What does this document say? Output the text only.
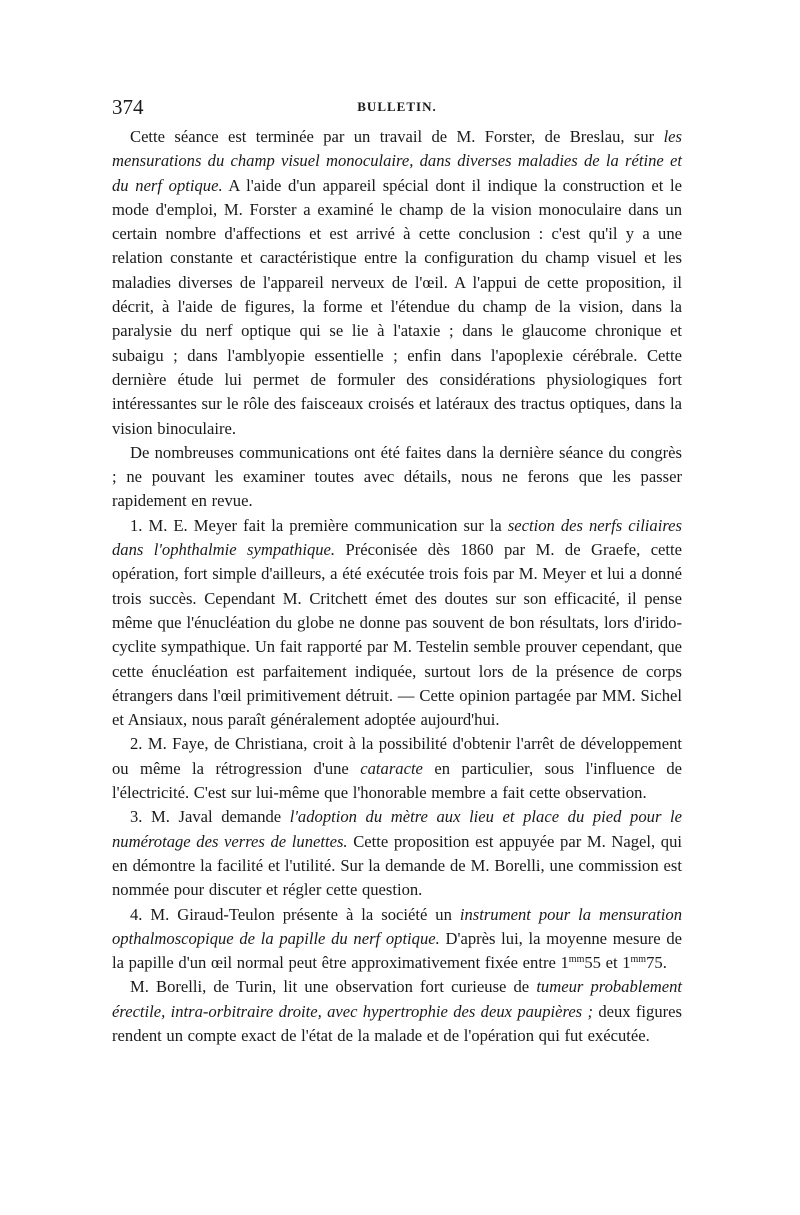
374	BULLETIN.

Cette séance est terminée par un travail de M. Forster, de Breslau, sur les mensurations du champ visuel monoculaire, dans diverses maladies de la rétine et du nerf optique. A l'aide d'un appareil spécial dont il indique la construction et le mode d'emploi, M. Forster a examiné le champ de la vision monoculaire dans un certain nombre d'affections et est arrivé à cette conclusion : c'est qu'il y a une relation constante et caractéristique entre la configuration du champ visuel et les maladies diverses de l'appareil nerveux de l'œil. A l'appui de cette proposition, il décrit, à l'aide de figures, la forme et l'étendue du champ de la vision, dans la paralysie du nerf optique qui se lie à l'ataxie ; dans le glaucome chronique et subaigu ; dans l'amblyopie essentielle ; enfin dans l'apoplexie cérébrale. Cette dernière étude lui permet de formuler des considérations physiologiques fort intéressantes sur le rôle des faisceaux croisés et latéraux des tractus optiques, dans la vision binoculaire.

De nombreuses communications ont été faites dans la dernière séance du congrès ; ne pouvant les examiner toutes avec détails, nous ne ferons que les passer rapidement en revue.

1. M. E. Meyer fait la première communication sur la section des nerfs ciliaires dans l'ophthalmie sympathique. Préconisée dès 1860 par M. de Graefe, cette opération, fort simple d'ailleurs, a été exécutée trois fois par M. Meyer et lui a donné trois succès. Cependant M. Critchett émet des doutes sur son efficacité, il pense même que l'énucléation du globe ne donne pas souvent de bon résultats, lors d'irido-cyclite sympathique. Un fait rapporté par M. Testelin semble prouver cependant, que cette énucléation est parfaitement indiquée, surtout lors de la présence de corps étrangers dans l'œil primitivement détruit. — Cette opinion partagée par MM. Sichel et Ansiaux, nous paraît généralement adoptée aujourd'hui.

2. M. Faye, de Christiana, croit à la possibilité d'obtenir l'arrêt de développement ou même la rétrogression d'une cataracte en particulier, sous l'influence de l'électricité. C'est sur lui-même que l'honorable membre a fait cette observation.

3. M. Javal demande l'adoption du mètre aux lieu et place du pied pour le numérotage des verres de lunettes. Cette proposition est appuyée par M. Nagel, qui en démontre la facilité et l'utilité. Sur la demande de M. Borelli, une commission est nommée pour discuter et régler cette question.

4. M. Giraud-Teulon présente à la société un instrument pour la mensuration opthalmoscopique de la papille du nerf optique. D'après lui, la moyenne mesure de la papille d'un œil normal peut être approximativement fixée entre $1^{mm}55$ et $1^{mm}75$.

M. Borelli, de Turin, lit une observation fort curieuse de tumeur probablement érectile, intra-orbitraire droite, avec hypertrophie des deux paupières ; deux figures rendent un compte exact de l'état de la malade et de l'opération qui fut exécutée.
